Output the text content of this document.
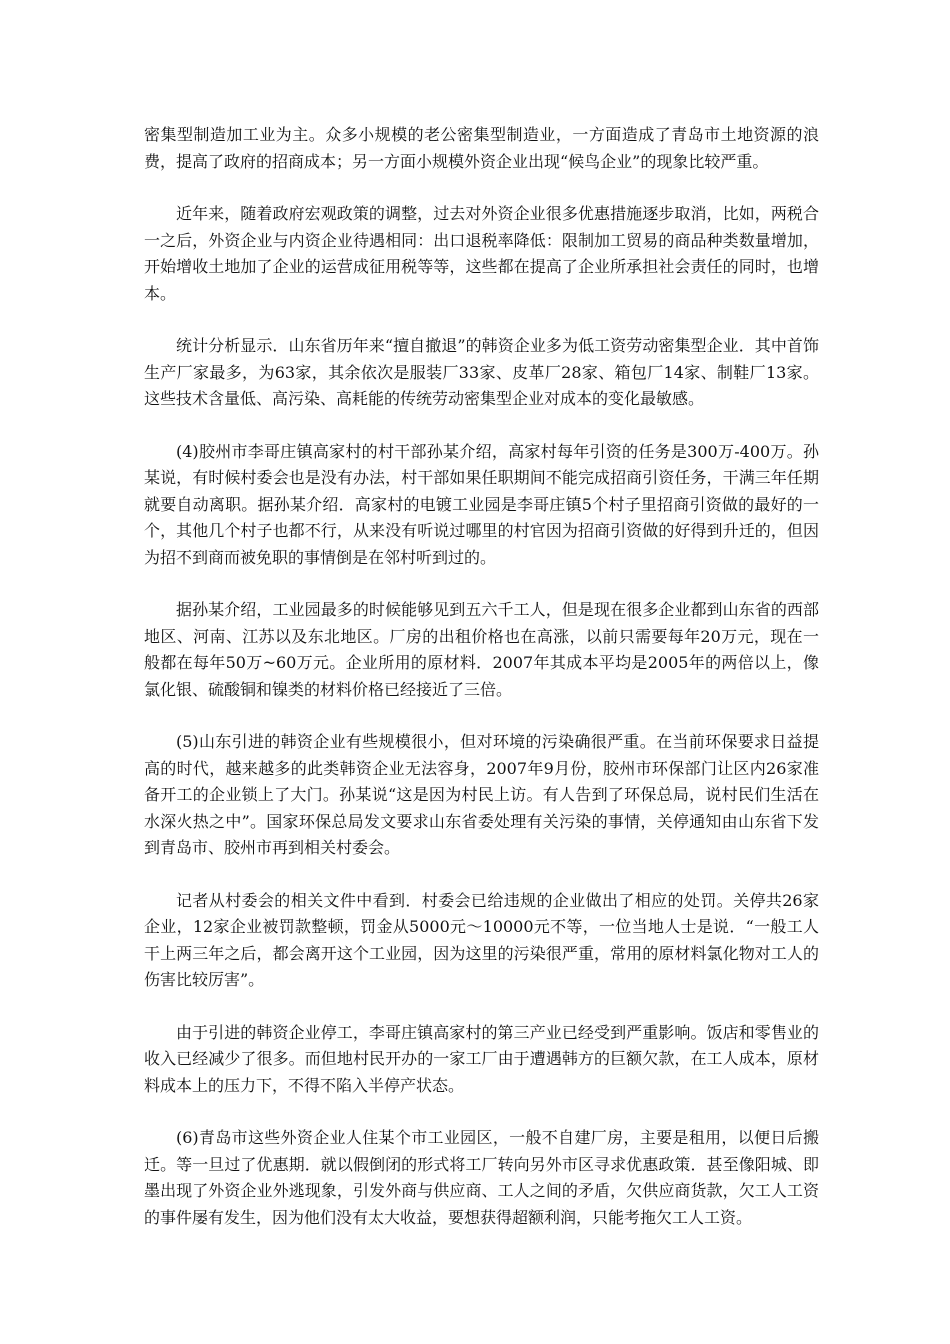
密集型制造加工业为主。众多小规模的老公密集型制造业，一方面造成了青岛市土地资源的浪费，提高了政府的招商成本；另一方面小规模外资企业出现“候鸟企业”的现象比较严重。

近年来，随着政府宏观政策的调整，过去对外资企业很多优惠措施逐步取消，比如，两税合一之后，外资企业与内资企业待遇相同：出口退税率降低：限制加工贸易的商品种类数量增加，开始增收土地加了企业的运营成征用税等等，这些都在提高了企业所承担社会责任的同时，也增本。

统计分析显示．山东省历年来“擅自撤退”的韩资企业多为低工资劳动密集型企业．其中首饰生产厂家最多，为63家，其余依次是服装厂33家、皮革厂28家、箱包厂14家、制鞋厂13家。这些技术含量低、高污染、高耗能的传统劳动密集型企业对成本的变化最敏感。

(4)胶州市李哥庄镇高家村的村干部孙某介绍，高家村每年引资的任务是300万-400万。孙某说，有时候村委会也是没有办法，村干部如果任职期间不能完成招商引资任务，干满三年任期就要自动离职。据孙某介绍．高家村的电镀工业园是李哥庄镇5个村子里招商引资做的最好的一个，其他几个村子也都不行，从来没有听说过哪里的村官因为招商引资做的好得到升迁的，但因为招不到商而被免职的事情倒是在邻村听到过的。

据孙某介绍，工业园最多的时候能够见到五六千工人，但是现在很多企业都到山东省的西部地区、河南、江苏以及东北地区。厂房的出租价格也在高涨，以前只需要每年20万元，现在一般都在每年50万~60万元。企业所用的原材料．2007年其成本平均是2005年的两倍以上，像氯化银、硫酸铜和镍类的材料价格已经接近了三倍。

(5)山东引进的韩资企业有些规模很小，但对环境的污染确很严重。在当前环保要求日益提高的时代，越来越多的此类韩资企业无法容身，2007年9月份，胶州市环保部门让区内26家准备开工的企业锁上了大门。孙某说“这是因为村民上访。有人告到了环保总局，说村民们生活在水深火热之中”。国家环保总局发文要求山东省委处理有关污染的事情，关停通知由山东省下发到青岛市、胶州市再到相关村委会。

记者从村委会的相关文件中看到．村委会已给违规的企业做出了相应的处罚。关停共26家企业，12家企业被罚款整顿，罚金从5000元～10000元不等，一位当地人士是说．“一般工人干上两三年之后，都会离开这个工业园，因为这里的污染很严重，常用的原材料氯化物对工人的伤害比较厉害”。

由于引进的韩资企业停工，李哥庄镇高家村的第三产业已经受到严重影响。饭店和零售业的收入已经减少了很多。而但地村民开办的一家工厂由于遭遇韩方的巨额欠款，在工人成本，原材料成本上的压力下，不得不陷入半停产状态。

(6)青岛市这些外资企业人住某个市工业园区，一般不自建厂房，主要是租用，以便日后搬迁。等一旦过了优惠期．就以假倒闭的形式将工厂转向另外市区寻求优惠政策．甚至像阳城、即墨出现了外资企业外逃现象，引发外商与供应商、工人之间的矛盾，欠供应商货款，欠工人工资的事件屡有发生，因为他们没有太大收益，要想获得超额利润，只能考拖欠工人工资。
